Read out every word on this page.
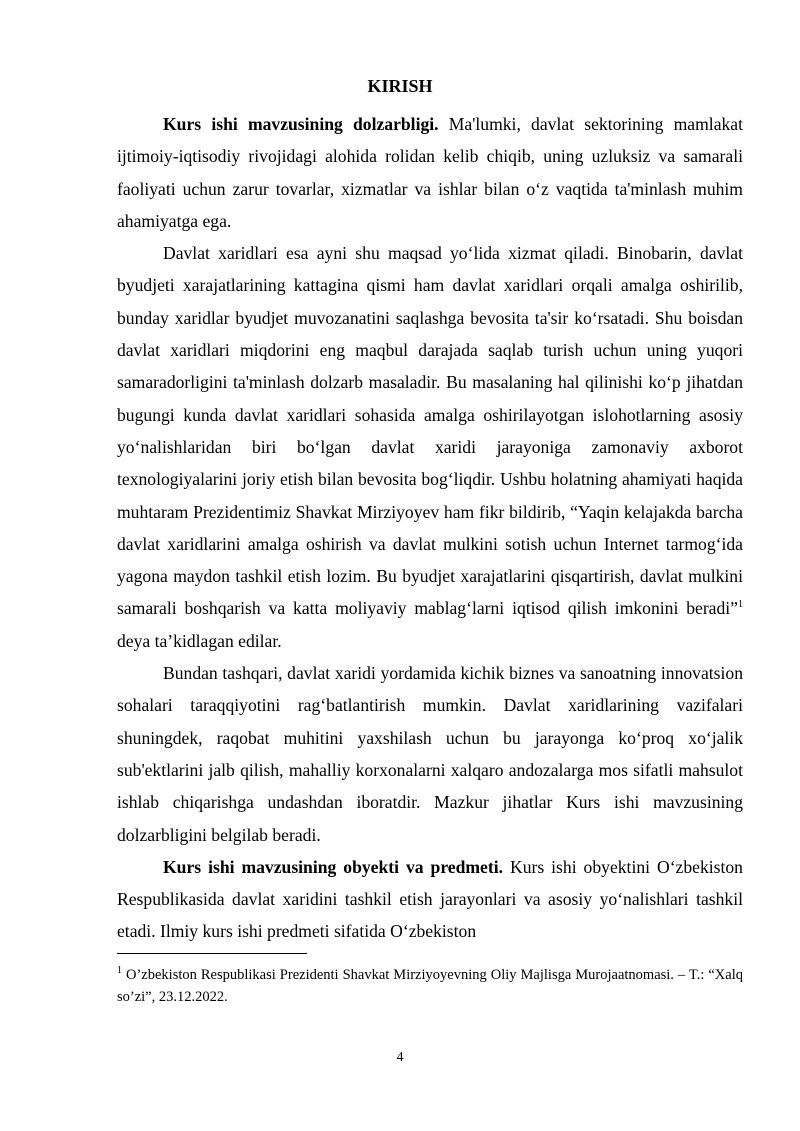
KIRISH

Kurs ishi mavzusining dolzarbligi. Ma'lumki, davlat sektorining mamlakat ijtimoiy-iqtisodiy rivojidagi alohida rolidan kelib chiqib, uning uzluksiz va samarali faoliyati uchun zarur tovarlar, xizmatlar va ishlar bilan o‘z vaqtida ta'minlash muhim ahamiyatga ega.

Davlat xaridlari esa ayni shu maqsad yo‘lida xizmat qiladi. Binobarin, davlat byudjeti xarajatlarining kattagina qismi ham davlat xaridlari orqali amalga oshirilib, bunday xaridlar byudjet muvozanatini saqlashga bevosita ta'sir ko‘rsatadi. Shu boisdan davlat xaridlari miqdorini eng maqbul darajada saqlab turish uchun uning yuqori samaradorligini ta'minlash dolzarb masaladir. Bu masalaning hal qilinishi ko‘p jihatdan bugungi kunda davlat xaridlari sohasida amalga oshirilayotgan islohotlarning asosiy yo‘nalishlaridan biri bo‘lgan davlat xaridi jarayoniga zamonaviy axborot texnologiyalarini joriy etish bilan bevosita bog‘liqdir. Ushbu holatning ahamiyati haqida muhtaram Prezidentimiz Shavkat Mirziyoyev ham fikr bildirib, “Yaqin kelajakda barcha davlat xaridlarini amalga oshirish va davlat mulkini sotish uchun Internet tarmog‘ida yagona maydon tashkil etish lozim. Bu byudjet xarajatlarini qisqartirish, davlat mulkini samarali boshqarish va katta moliyaviy mablag‘larni iqtisod qilish imkonini beradi”$^1$ deya ta’kidlagan edilar.

Bundan tashqari, davlat xaridi yordamida kichik biznes va sanoatning innovatsion sohalari taraqqiyotini rag‘batlantirish mumkin. Davlat xaridlarining vazifalari shuningdek, raqobat muhitini yaxshilash uchun bu jarayonga ko‘proq xo‘jalik sub'ektlarini jalb qilish, mahalliy korxonalarni xalqaro andozalarga mos sifatli mahsulot ishlab chiqarishga undashdan iboratdir. Mazkur jihatlar Kurs ishi mavzusining dolzarbligini belgilab beradi.

Kurs ishi mavzusining obyekti va predmeti. Kurs ishi obyektini O‘zbekiston Respublikasida davlat xaridini tashkil etish jarayonlari va asosiy yo‘nalishlari tashkil etadi. Ilmiy kurs ishi predmeti sifatida O‘zbekiston

$^1$ O’zbekiston Respublikasi Prezidenti Shavkat Mirziyoyevning Oliy Majlisga Murojaatnomasi. – T.: “Xalq so’zi”, 23.12.2022.
4
